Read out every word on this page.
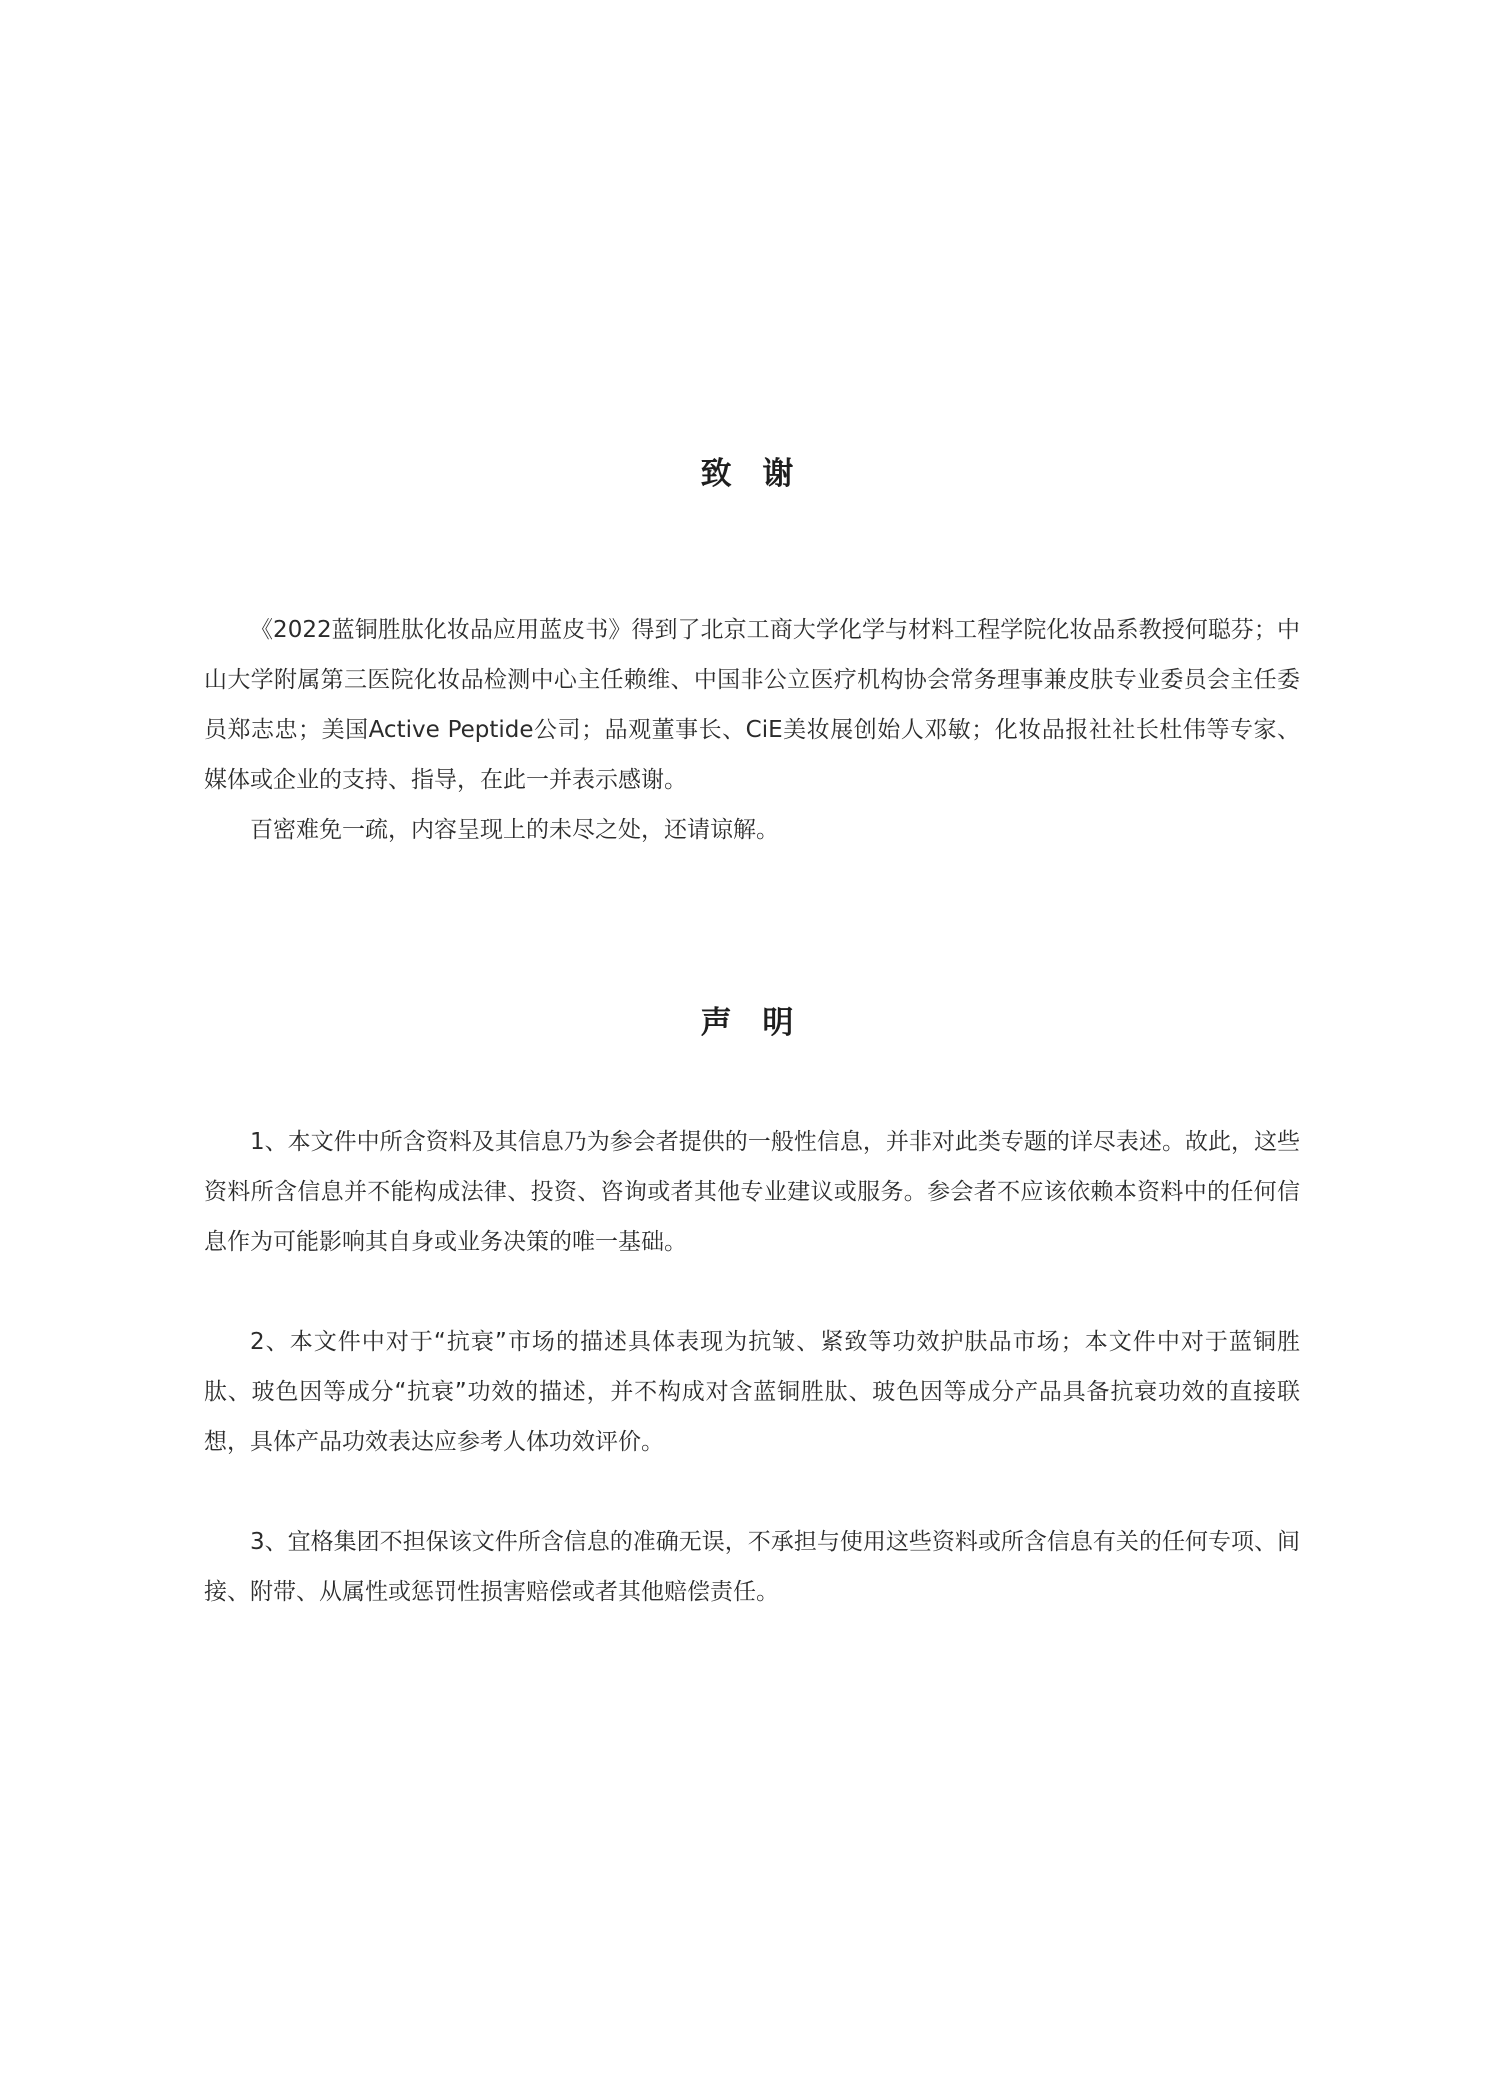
致 谢

《2022蓝铜胜肽化妆品应用蓝皮书》得到了北京工商大学化学与材料工程学院化妆品系教授何聪芬；中山大学附属第三医院化妆品检测中心主任赖维、中国非公立医疗机构协会常务理事兼皮肤专业委员会主任委员郑志忠；美国Active Peptide公司；品观董事长、CiE美妆展创始人邓敏；化妆品报社社长杜伟等专家、媒体或企业的支持、指导，在此一并表示感谢。

百密难免一疏，内容呈现上的未尽之处，还请谅解。

声 明

1、本文件中所含资料及其信息乃为参会者提供的一般性信息，并非对此类专题的详尽表述。故此，这些资料所含信息并不能构成法律、投资、咨询或者其他专业建议或服务。参会者不应该依赖本资料中的任何信息作为可能影响其自身或业务决策的唯一基础。

2、本文件中对于“抗衰”市场的描述具体表现为抗皱、紧致等功效护肤品市场；本文件中对于蓝铜胜肽、玻色因等成分“抗衰”功效的描述，并不构成对含蓝铜胜肽、玻色因等成分产品具备抗衰功效的直接联想，具体产品功效表达应参考人体功效评价。

3、宜格集团不担保该文件所含信息的准确无误，不承担与使用这些资料或所含信息有关的任何专项、间接、附带、从属性或惩罚性损害赔偿或者其他赔偿责任。
